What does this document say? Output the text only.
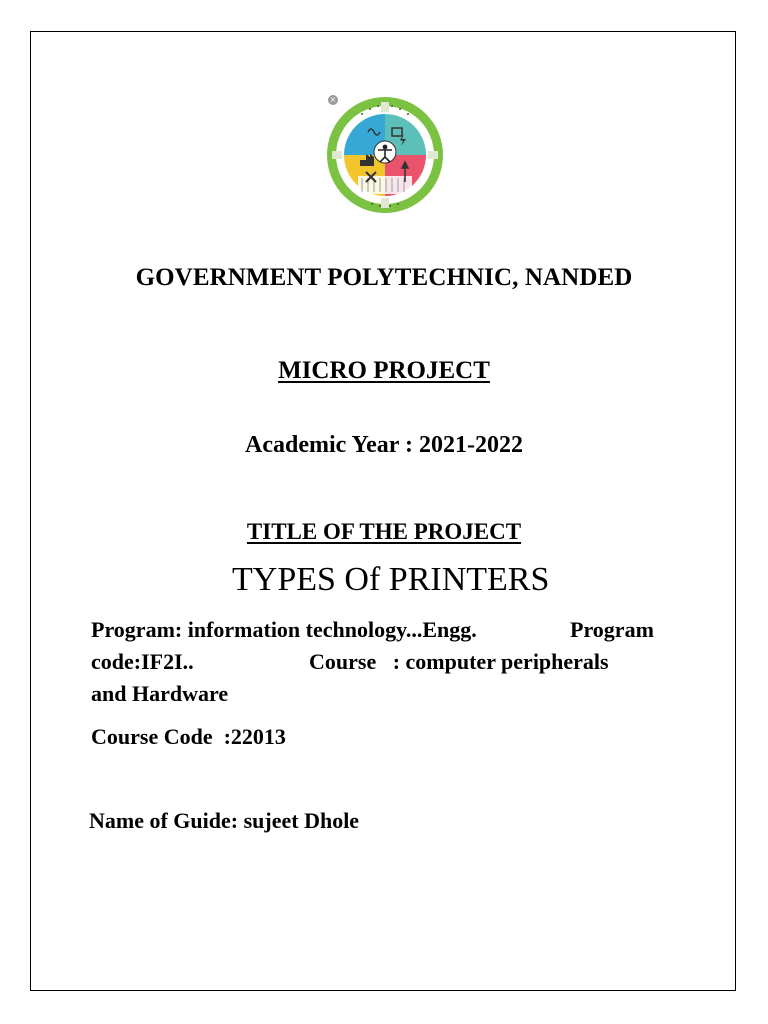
×
GOVERNMENT POLYTECHNIC, NANDED
MICRO PROJECT
Academic Year : 2021-2022
TITLE OF THE PROJECT
TYPES Of PRINTERS
Program: information technology...Engg.	Program
code:IF2I..	Course   : computer peripherals
and Hardware
Course Code  :22013
Name of Guide: sujeet Dhole
